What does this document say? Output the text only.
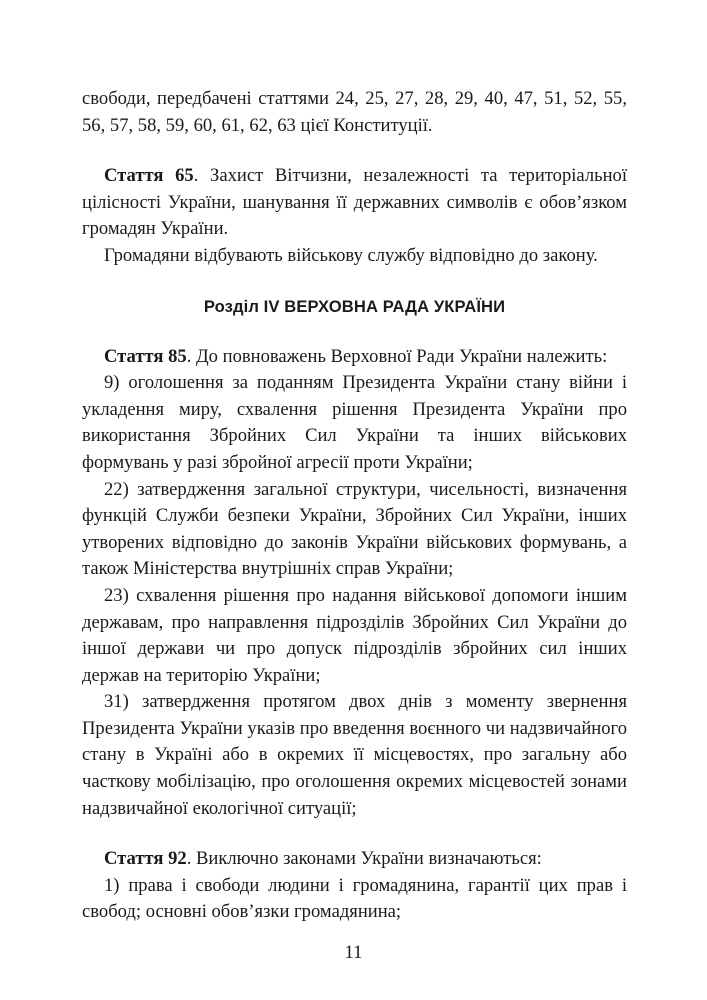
свободи, передбачені статтями 24, 25, 27, 28, 29, 40, 47, 51, 52, 55, 56, 57, 58, 59, 60, 61, 62, 63 цієї Конституції.

Стаття 65. Захист Вітчизни, незалежності та територіальної цілісності України, шанування її державних символів є обов’язком громадян України.

Громадяни відбувають військову службу відповідно до закону.

Розділ IV ВЕРХОВНА РАДА УКРАЇНИ

Стаття 85. До повноважень Верховної Ради України належить:

9) оголошення за поданням Президента України стану війни і укладення миру, схвалення рішення Президента України про використання Збройних Сил України та інших військових формувань у разі збройної агресії проти України;

22) затвердження загальної структури, чисельності, визначення функцій Служби безпеки України, Збройних Сил України, інших утворених відповідно до законів України військових формувань, а також Міністерства внутрішніх справ України;

23) схвалення рішення про надання військової допомоги іншим державам, про направлення підрозділів Збройних Сил України до іншої держави чи про допуск підрозділів збройних сил інших держав на територію України;

31) затвердження протягом двох днів з моменту звернення Президента України указів про введення воєнного чи надзвичайного стану в Україні або в окремих її місцевостях, про загальну або часткову мобілізацію, про оголошення окремих місцевостей зонами надзвичайної екологічної ситуації;

Стаття 92. Виключно законами України визначаються:

1) права і свободи людини і громадянина, гарантії цих прав і свобод; основні обов’язки громадянина;

11
